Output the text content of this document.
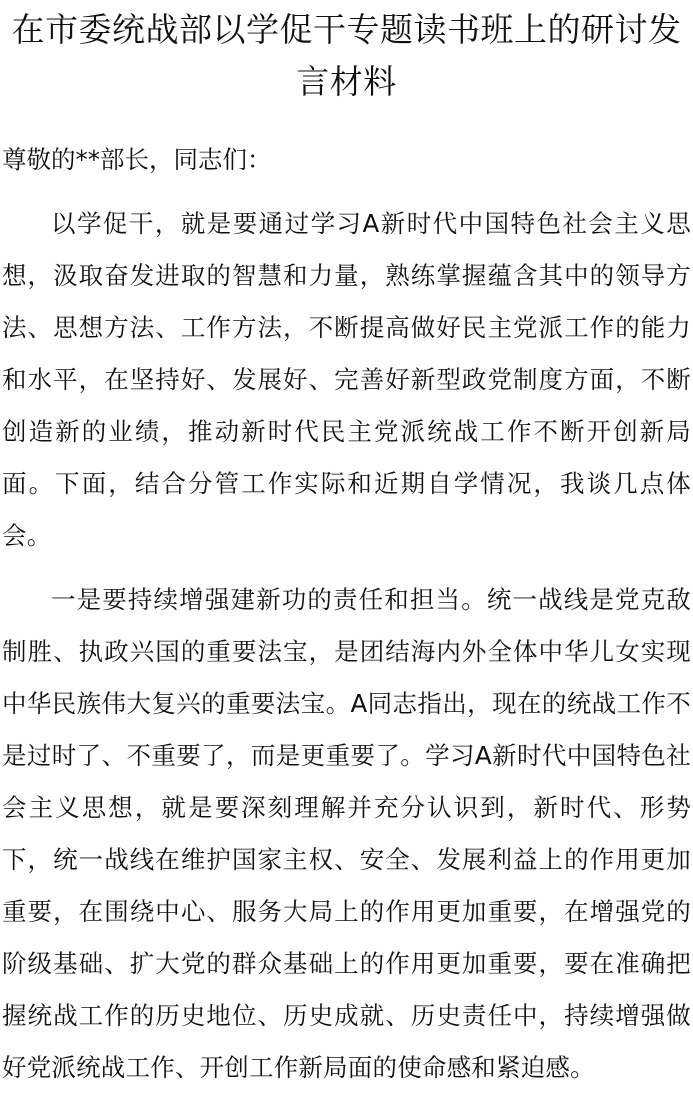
在市委统战部以学促干专题读书班上的研讨发言材料
尊敬的**部长，同志们：

以学促干，就是要通过学习A新时代中国特色社会主义思想，汲取奋发进取的智慧和力量，熟练掌握蕴含其中的领导方法、思想方法、工作方法，不断提高做好民主党派工作的能力和水平，在坚持好、发展好、完善好新型政党制度方面，不断创造新的业绩，推动新时代民主党派统战工作不断开创新局面。下面，结合分管工作实际和近期自学情况，我谈几点体会。

一是要持续增强建新功的责任和担当。统一战线是党克敌制胜、执政兴国的重要法宝，是团结海内外全体中华儿女实现中华民族伟大复兴的重要法宝。A同志指出，现在的统战工作不是过时了、不重要了，而是更重要了。学习A新时代中国特色社会主义思想，就是要深刻理解并充分认识到，新时代、形势下，统一战线在维护国家主权、安全、发展利益上的作用更加重要，在围绕中心、服务大局上的作用更加重要，在增强党的阶级基础、扩大党的群众基础上的作用更加重要，要在准确把握统战工作的历史地位、历史成就、历史责任中，持续增强做好党派统战工作、开创工作新局面的使命感和紧迫感。
